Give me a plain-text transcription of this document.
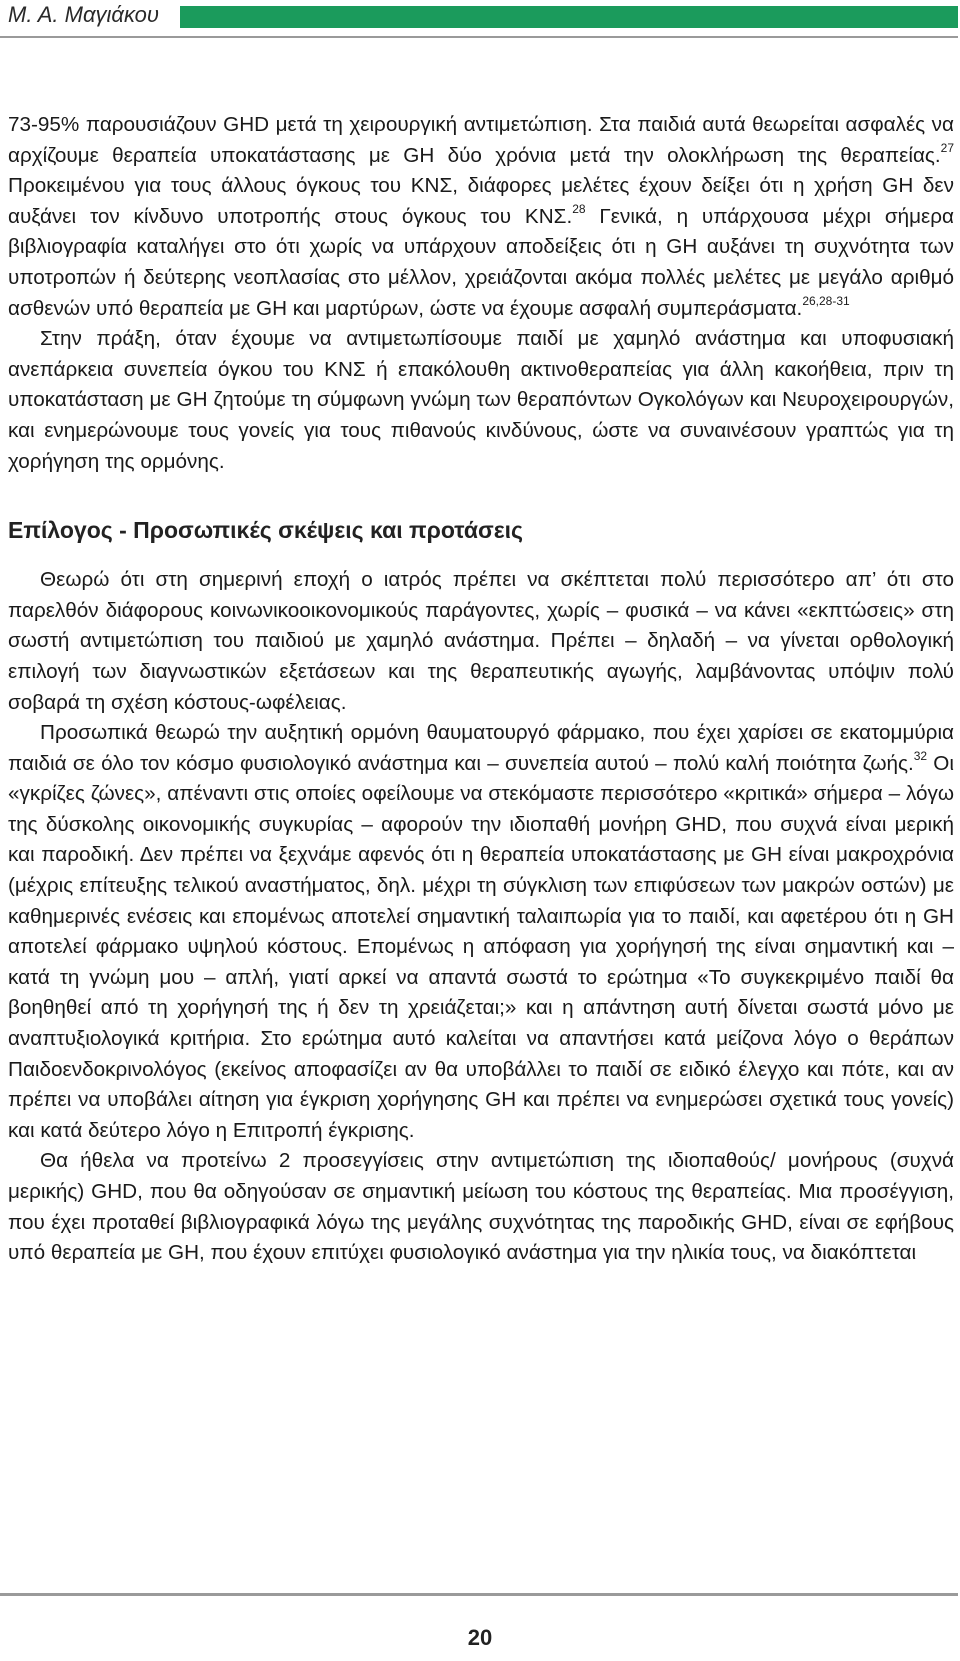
Μ. Α. Μαγιάκου

73-95% παρουσιάζουν GHD μετά τη χειρουργική αντιμετώπιση. Στα παιδιά αυτά θεωρείται ασφαλές να αρχίζουμε θεραπεία υποκατάστασης με GH δύο χρόνια μετά την ολοκλήρωση της θεραπείας.$^{27}$ Προκειμένου για τους άλλους όγκους του ΚΝΣ, διάφορες μελέτες έχουν δείξει ότι η χρήση GH δεν αυξάνει τον κίνδυνο υποτροπής στους όγκους του ΚΝΣ.$^{28}$ Γενικά, η υπάρχουσα μέχρι σήμερα βιβλιογραφία καταλήγει στο ότι χωρίς να υπάρχουν αποδείξεις ότι η GH αυξάνει τη συχνότητα των υποτροπών ή δεύτερης νεοπλασίας στο μέλλον, χρειάζονται ακόμα πολλές μελέτες με μεγάλο αριθμό ασθενών υπό θεραπεία με GH και μαρτύρων, ώστε να έχουμε ασφαλή συμπεράσματα.$^{26,28-31}$

Στην πράξη, όταν έχουμε να αντιμετωπίσουμε παιδί με χαμηλό ανάστημα και υποφυσιακή ανεπάρκεια συνεπεία όγκου του ΚΝΣ ή επακόλουθη ακτινοθεραπείας για άλλη κακοήθεια, πριν τη υποκατάσταση με GH ζητούμε τη σύμφωνη γνώμη των θεραπόντων Ογκολόγων και Νευροχειρουργών, και ενημερώνουμε τους γονείς για τους πιθανούς κινδύνους, ώστε να συναινέσουν γραπτώς για τη χορήγηση της ορμόνης.

Επίλογος - Προσωπικές σκέψεις και προτάσεις

Θεωρώ ότι στη σημερινή εποχή ο ιατρός πρέπει να σκέπτεται πολύ περισσότερο απ’ ότι στο παρελθόν διάφορους κοινωνικοοικονομικούς παράγοντες, χωρίς – φυσικά – να κάνει «εκπτώσεις» στη σωστή αντιμετώπιση του παιδιού με χαμηλό ανάστημα. Πρέπει – δηλαδή – να γίνεται ορθολογική επιλογή των διαγνωστικών εξετάσεων και της θεραπευτικής αγωγής, λαμβάνοντας υπόψιν πολύ σοβαρά τη σχέση κόστους-ωφέλειας.

Προσωπικά θεωρώ την αυξητική ορμόνη θαυματουργό φάρμακο, που έχει χαρίσει σε εκατομμύρια παιδιά σε όλο τον κόσμο φυσιολογικό ανάστημα και – συνεπεία αυτού – πολύ καλή ποιότητα ζωής.$^{32}$ Οι «γκρίζες ζώνες», απέναντι στις οποίες οφείλουμε να στεκόμαστε περισσότερο «κριτικά» σήμερα – λόγω της δύσκολης οικονομικής συγκυρίας – αφορούν την ιδιοπαθή μονήρη GHD, που συχνά είναι μερική και παροδική. Δεν πρέπει να ξεχνάμε αφενός ότι η θεραπεία υποκατάστασης με GH είναι μακροχρόνια (μέχρις επίτευξης τελικού αναστήματος, δηλ. μέχρι τη σύγκλιση των επιφύσεων των μακρών οστών) με καθημερινές ενέσεις και επομένως αποτελεί σημαντική ταλαιπωρία για το παιδί, και αφετέρου ότι η GH αποτελεί φάρμακο υψηλού κόστους. Επομένως η απόφαση για χορήγησή της είναι σημαντική και – κατά τη γνώμη μου – απλή, γιατί αρκεί να απαντά σωστά το ερώτημα «Το συγκεκριμένο παιδί θα βοηθηθεί από τη χορήγησή της ή δεν τη χρειάζεται;» και η απάντηση αυτή δίνεται σωστά μόνο με αναπτυξιολογικά κριτήρια. Στο ερώτημα αυτό καλείται να απαντήσει κατά μείζονα λόγο ο θεράπων Παιδοενδοκρινολόγος (εκείνος αποφασίζει αν θα υποβάλλει το παιδί σε ειδικό έλεγχο και πότε, και αν πρέπει να υποβάλει αίτηση για έγκριση χορήγησης GH και πρέπει να ενημερώσει σχετικά τους γονείς) και κατά δεύτερο λόγο η Επιτροπή έγκρισης.

Θα ήθελα να προτείνω 2 προσεγγίσεις στην αντιμετώπιση της ιδιοπαθούς/ μονήρους (συχνά μερικής) GHD, που θα οδηγούσαν σε σημαντική μείωση του κόστους της θεραπείας. Μια προσέγγιση, που έχει προταθεί βιβλιογραφικά λόγω της μεγάλης συχνότητας της παροδικής GHD, είναι σε εφήβους υπό θεραπεία με GH, που έχουν επιτύχει φυσιολογικό ανάστημα για την ηλικία τους, να διακόπτεται

20
